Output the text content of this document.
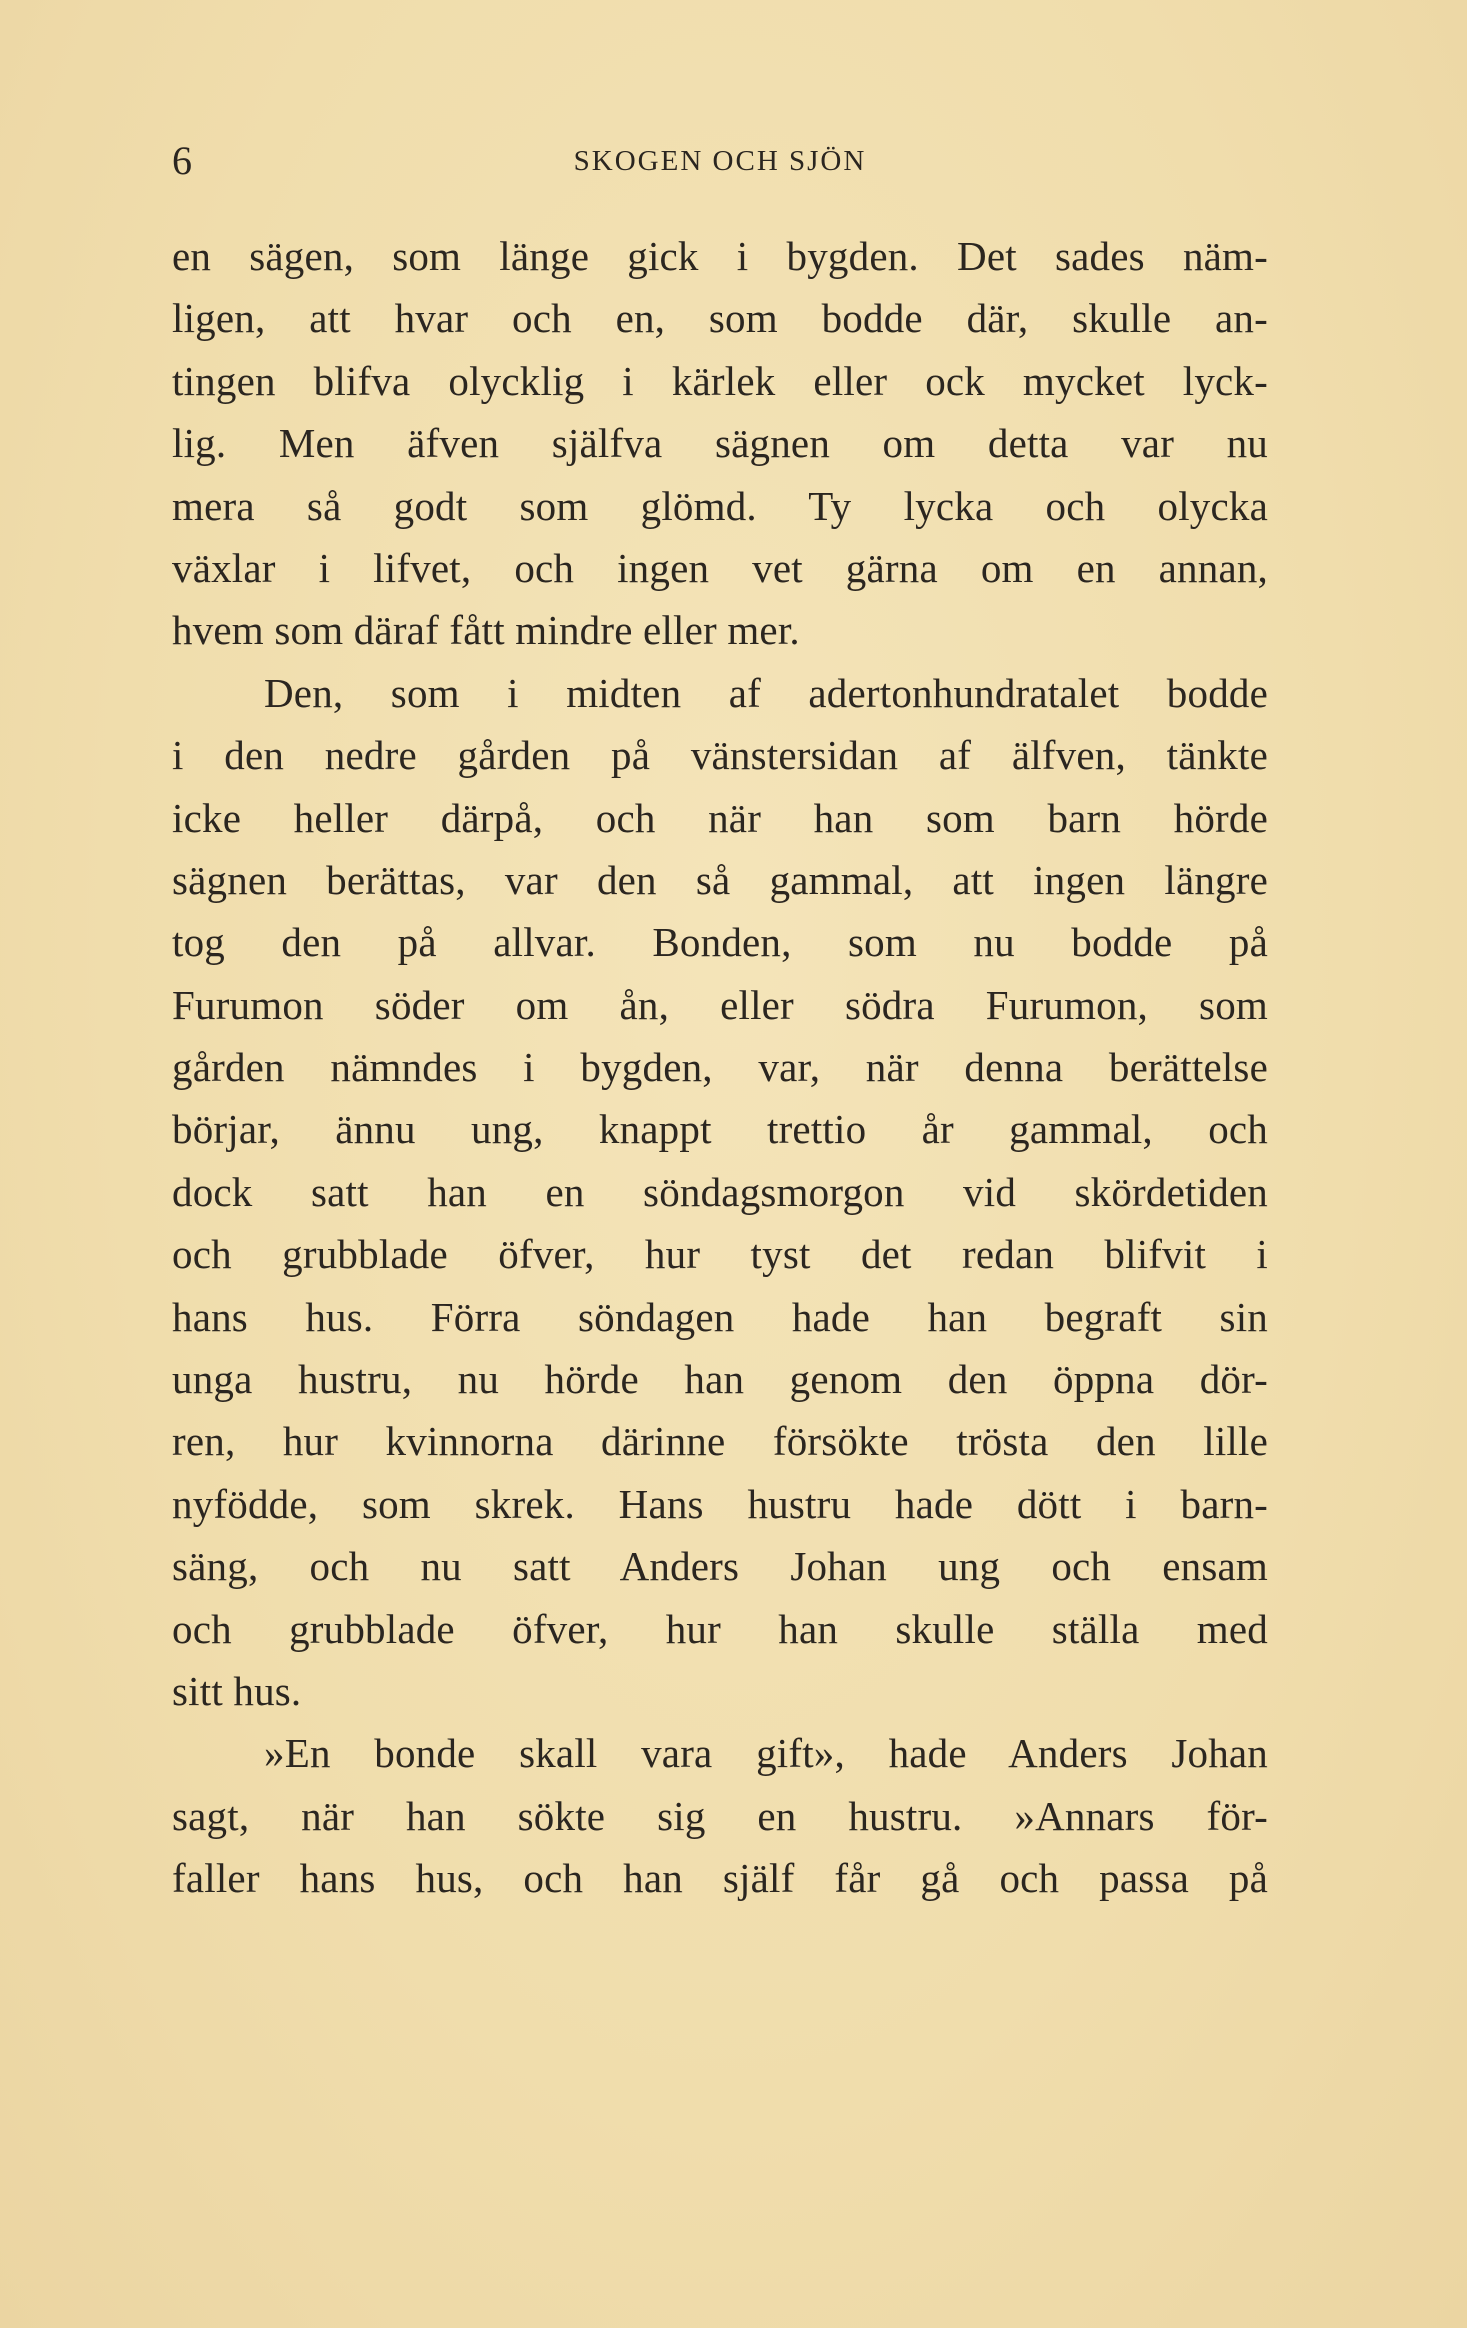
6	SKOGEN OCH SJÖN
en sägen, som länge gick i bygden. Det sades näm-
ligen, att hvar och en, som bodde där, skulle an-
tingen blifva olycklig i kärlek eller ock mycket lyck-
lig. Men äfven själfva sägnen om detta var nu
mera så godt som glömd. Ty lycka och olycka
växlar i lifvet, och ingen vet gärna om en annan,
hvem som däraf fått mindre eller mer.
Den, som i midten af adertonhundratalet bodde
i den nedre gården på vänstersidan af älfven, tänkte
icke heller därpå, och när han som barn hörde
sägnen berättas, var den så gammal, att ingen längre
tog den på allvar. Bonden, som nu bodde på
Furumon söder om ån, eller södra Furumon, som
gården nämndes i bygden, var, när denna berättelse
börjar, ännu ung, knappt trettio år gammal, och
dock satt han en söndagsmorgon vid skördetiden
och grubblade öfver, hur tyst det redan blifvit i
hans hus. Förra söndagen hade han begraft sin
unga hustru, nu hörde han genom den öppna dör-
ren, hur kvinnorna därinne försökte trösta den lille
nyfödde, som skrek. Hans hustru hade dött i barn-
säng, och nu satt Anders Johan ung och ensam
och grubblade öfver, hur han skulle ställa med
sitt hus.
»En bonde skall vara gift», hade Anders Johan
sagt, när han sökte sig en hustru. »Annars för-
faller hans hus, och han själf får gå och passa på
